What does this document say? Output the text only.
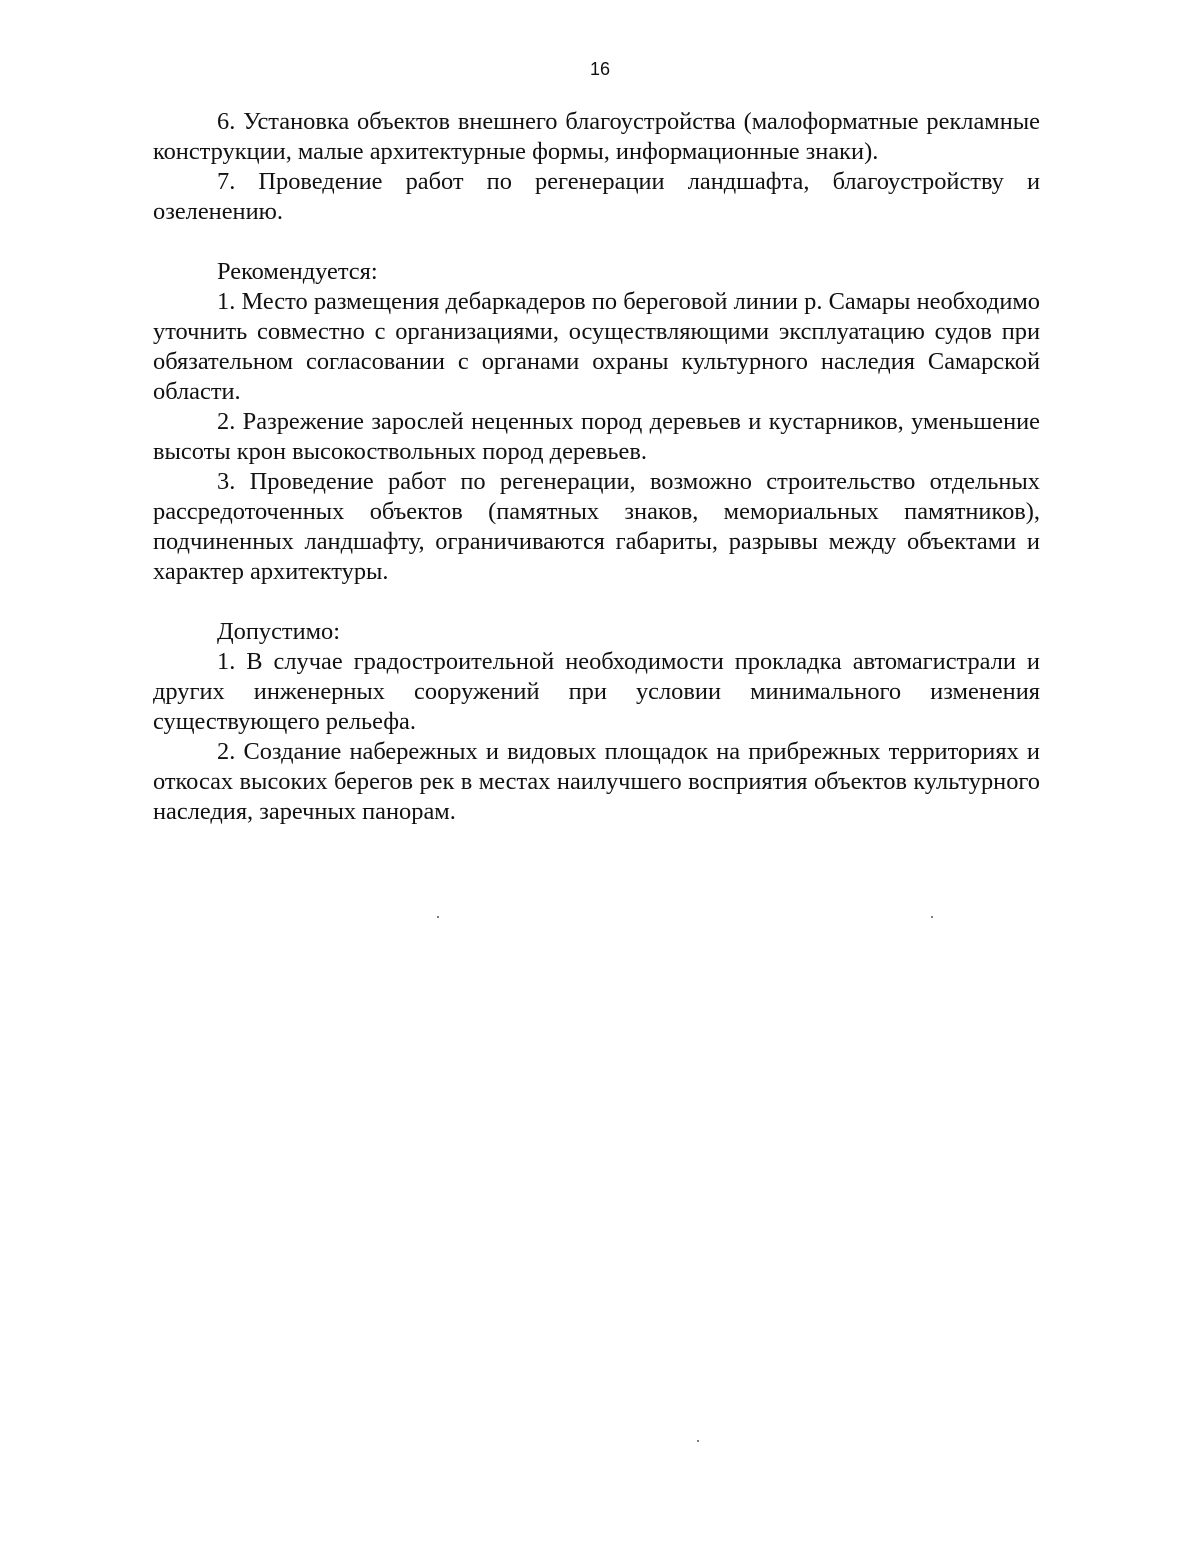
16

6. Установка объектов внешнего благоустройства (малоформатные рекламные конструкции, малые архитектурные формы, информационные знаки).

7. Проведение работ по регенерации ландшафта, благоустройству и озеленению.

Рекомендуется:

1. Место размещения дебаркадеров по береговой линии р. Самары необходимо уточнить совместно с организациями, осуществляющими эксплуатацию судов при обязательном согласовании с органами охраны культурного наследия Самарской области.

2. Разрежение зарослей неценных пород деревьев и кустарников, уменьшение высоты крон высокоствольных пород деревьев.

3. Проведение работ по регенерации, возможно строительство отдельных рассредоточенных объектов (памятных знаков, мемориальных памятников), подчиненных ландшафту, ограничиваются габариты, разрывы между объектами и характер архитектуры.

Допустимо:

1. В случае градостроительной необходимости прокладка автомагистрали и других инженерных сооружений при условии минимального изменения существующего рельефа.

2. Создание набережных и видовых площадок на прибрежных территориях и откосах высоких берегов рек в местах наилучшего восприятия объектов культурного наследия, заречных панорам.
